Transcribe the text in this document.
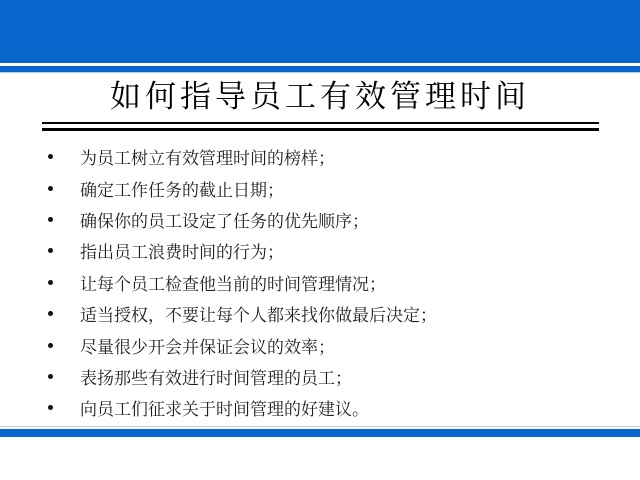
如何指导员工有效管理时间
为员工树立有效管理时间的榜样；
确定工作任务的截止日期；
确保你的员工设定了任务的优先顺序；
指出员工浪费时间的行为；
让每个员工检查他当前的时间管理情况；
适当授权，不要让每个人都来找你做最后决定；
尽量很少开会并保证会议的效率；
表扬那些有效进行时间管理的员工；
向员工们征求关于时间管理的好建议。
